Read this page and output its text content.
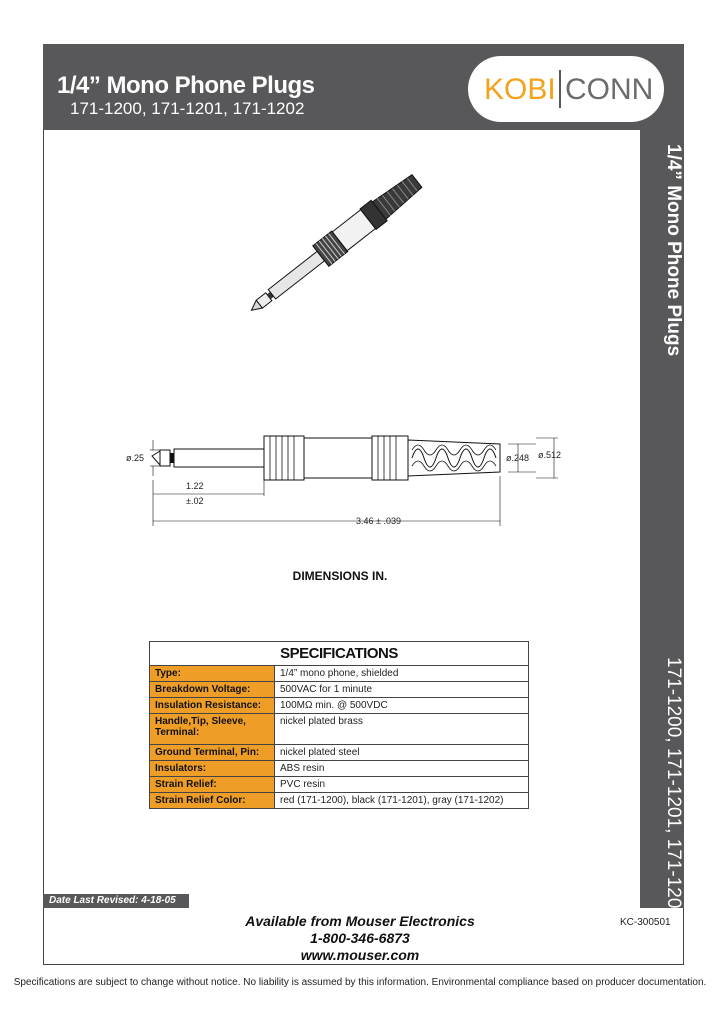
1/4” Mono Phone Plugs
171-1200, 171-1201, 171-1202
KOBI CONN
1/4” Mono Phone Plugs
171-1200, 171-1201, 171-1202
ø.25	ø.248 ø.512
1.22
±.02
3.46 ± .039
DIMENSIONS IN.
SPECIFICATIONS	
Type:	1/4” mono phone, shielded
Breakdown Voltage:	500VAC for 1 minute
Insulation Resistance:	100MΩ min. @ 500VDC
Handle,Tip, Sleeve, Terminal:	nickel plated brass
Ground Terminal, Pin:	nickel plated steel
Insulators:	ABS resin
Strain Relief:	PVC resin
Strain Relief Color:	red (171-1200), black (171-1201), gray (171-1202)
Date Last Revised: 4-18-05
KC-300501
Available from Mouser Electronics
1-800-346-6873
www.mouser.com
Specifications are subject to change without notice. No liability is assumed by this information. Environmental compliance based on producer documentation.
